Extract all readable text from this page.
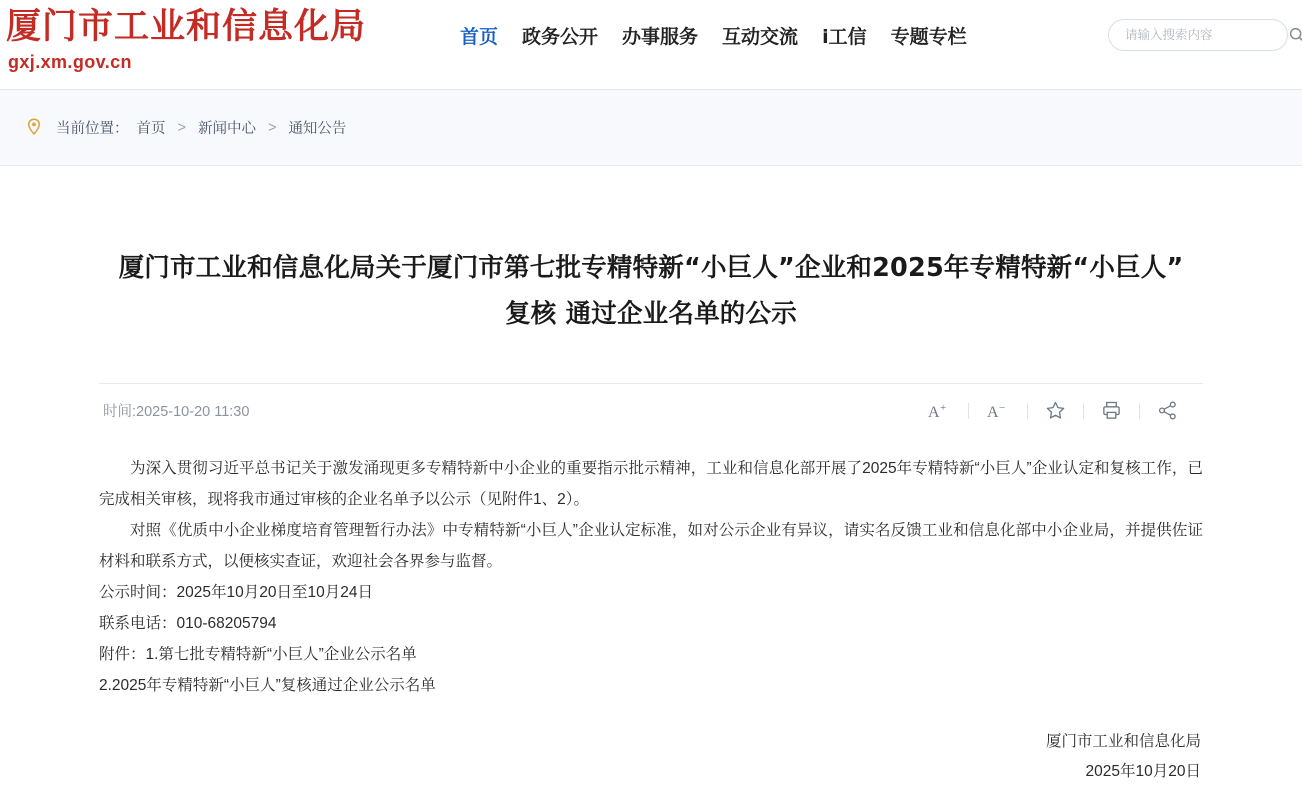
厦门市工业和信息化局
gxj.xm.gov.cn
首页 政务公开 办事服务 互动交流 i工信 专题专栏
请输入搜索内容
当前位置： 首页 > 新闻中心 > 通知公告
厦门市工业和信息化局关于厦门市第七批专精特新“小巨人”企业和2025年专精特新“小巨人”复核 通过企业名单的公示
时间:2025-10-20 11:30	A +	A −

为深入贯彻习近平总书记关于激发涌现更多专精特新中小企业的重要指示批示精神，工业和信息化部开展了2025年专精特新“小巨人”企业认定和复核工作，已完成相关审核，现将我市通过审核的企业名单予以公示（见附件1、2）。

对照《优质中小企业梯度培育管理暂行办法》中专精特新“小巨人”企业认定标准，如对公示企业有异议，请实名反馈工业和信息化部中小企业局，并提供佐证材料和联系方式，以便核实查证，欢迎社会各界参与监督。

公示时间：2025年10月20日至10月24日

联系电话：010-68205794

附件：1.第七批专精特新“小巨人”企业公示名单

2.2025年专精特新“小巨人”复核通过企业公示名单

厦门市工业和信息化局
2025年10月20日
